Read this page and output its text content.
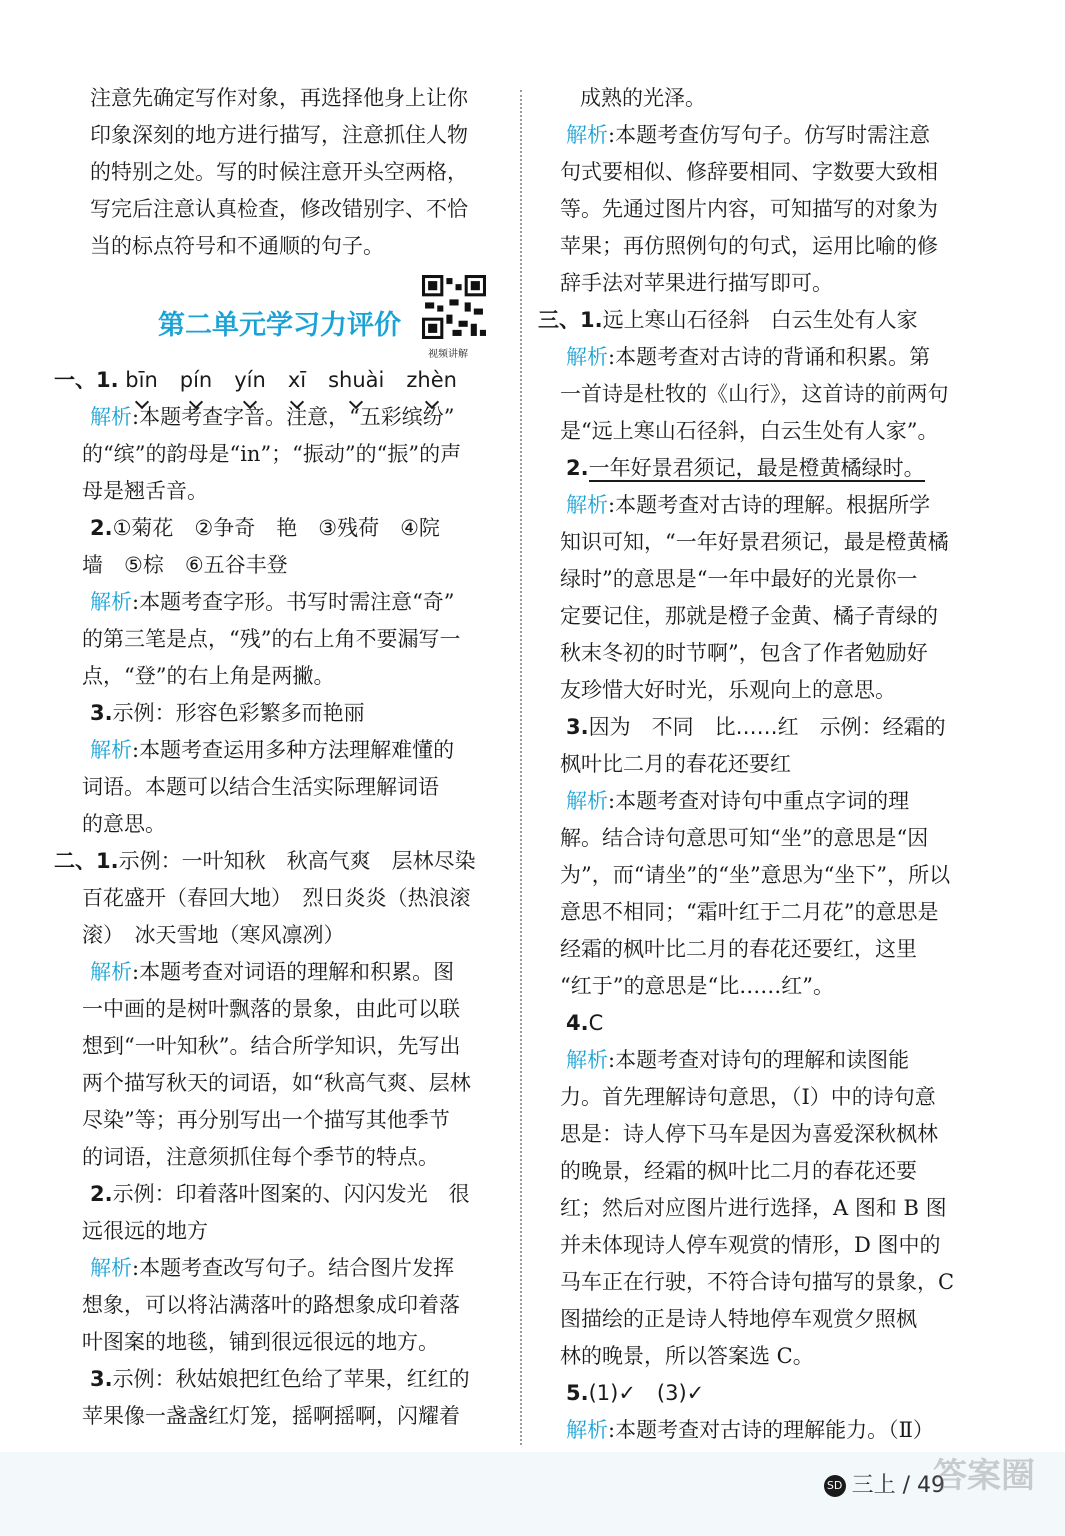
注意先确定写作对象，再选择他身上让你
印象深刻的地方进行描写，注意抓住人物
的特别之处。写的时候注意开头空两格，
写完后注意认真检查，修改错别字、不恰
当的标点符号和不通顺的句子。
一、1. bīn pín yín xī shuài zhèn
解析:本题考查字音。注意，“五彩缤纷”
的“缤”的韵母是“in”；“振动”的“振”的声
母是翘舌音。
2.①菊花　②争奇　艳　③残荷　④院
墙　⑤棕　⑥五谷丰登
解析:本题考查字形。书写时需注意“奇”
的第三笔是点，“残”的右上角不要漏写一
点，“登”的右上角是两撇。
3.示例：形容色彩繁多而艳丽
解析:本题考查运用多种方法理解难懂的
词语。本题可以结合生活实际理解词语
的意思。
二、1.示例：一叶知秋　秋高气爽　层林尽染
百花盛开（春回大地）　烈日炎炎（热浪滚
滚）　冰天雪地（寒风凛冽）
解析:本题考查对词语的理解和积累。图
一中画的是树叶飘落的景象，由此可以联
想到“一叶知秋”。结合所学知识，先写出
两个描写秋天的词语，如“秋高气爽、层林
尽染”等；再分别写出一个描写其他季节
的词语，注意须抓住每个季节的特点。
2.示例：印着落叶图案的、闪闪发光　很
远很远的地方
解析:本题考查改写句子。结合图片发挥
想象，可以将沾满落叶的路想象成印着落
叶图案的地毯，铺到很远很远的地方。
3.示例：秋姑娘把红色给了苹果，红红的
苹果像一盏盏红灯笼，摇啊摇啊，闪耀着
第二单元学习力评价
视频讲解
成熟的光泽。
解析:本题考查仿写句子。仿写时需注意
句式要相似、修辞要相同、字数要大致相
等。先通过图片内容，可知描写的对象为
苹果；再仿照例句的句式，运用比喻的修
辞手法对苹果进行描写即可。
三、1.远上寒山石径斜　白云生处有人家
解析:本题考查对古诗的背诵和积累。第
一首诗是杜牧的《山行》，这首诗的前两句
是“远上寒山石径斜，白云生处有人家”。
2.一年好景君须记，最是橙黄橘绿时。
解析:本题考查对古诗的理解。根据所学
知识可知，“一年好景君须记，最是橙黄橘
绿时”的意思是“一年中最好的光景你一
定要记住，那就是橙子金黄、橘子青绿的
秋末冬初的时节啊”，包含了作者勉励好
友珍惜大好时光，乐观向上的意思。
3.因为　不同　比……红　示例：经霜的
枫叶比二月的春花还要红
解析:本题考查对诗句中重点字词的理
解。结合诗句意思可知“坐”的意思是“因
为”，而“请坐”的“坐”意思为“坐下”，所以
意思不相同；“霜叶红于二月花”的意思是
经霜的枫叶比二月的春花还要红，这里
“红于”的意思是“比……红”。
4.C
解析:本题考查对诗句的理解和读图能
力。首先理解诗句意思，（Ⅰ）中的诗句意
思是：诗人停下马车是因为喜爱深秋枫林
的晚景，经霜的枫叶比二月的春花还要
红；然后对应图片进行选择，A 图和 B 图
并未体现诗人停车观赏的情形，D 图中的
马车正在行驶，不符合诗句描写的景象，C
图描绘的正是诗人特地停车观赏夕照枫
林的晚景，所以答案选 C。
5.(1)✓　(3)✓
解析:本题考查对古诗的理解能力。（Ⅱ）
SD 三上 / 49
答案圈
